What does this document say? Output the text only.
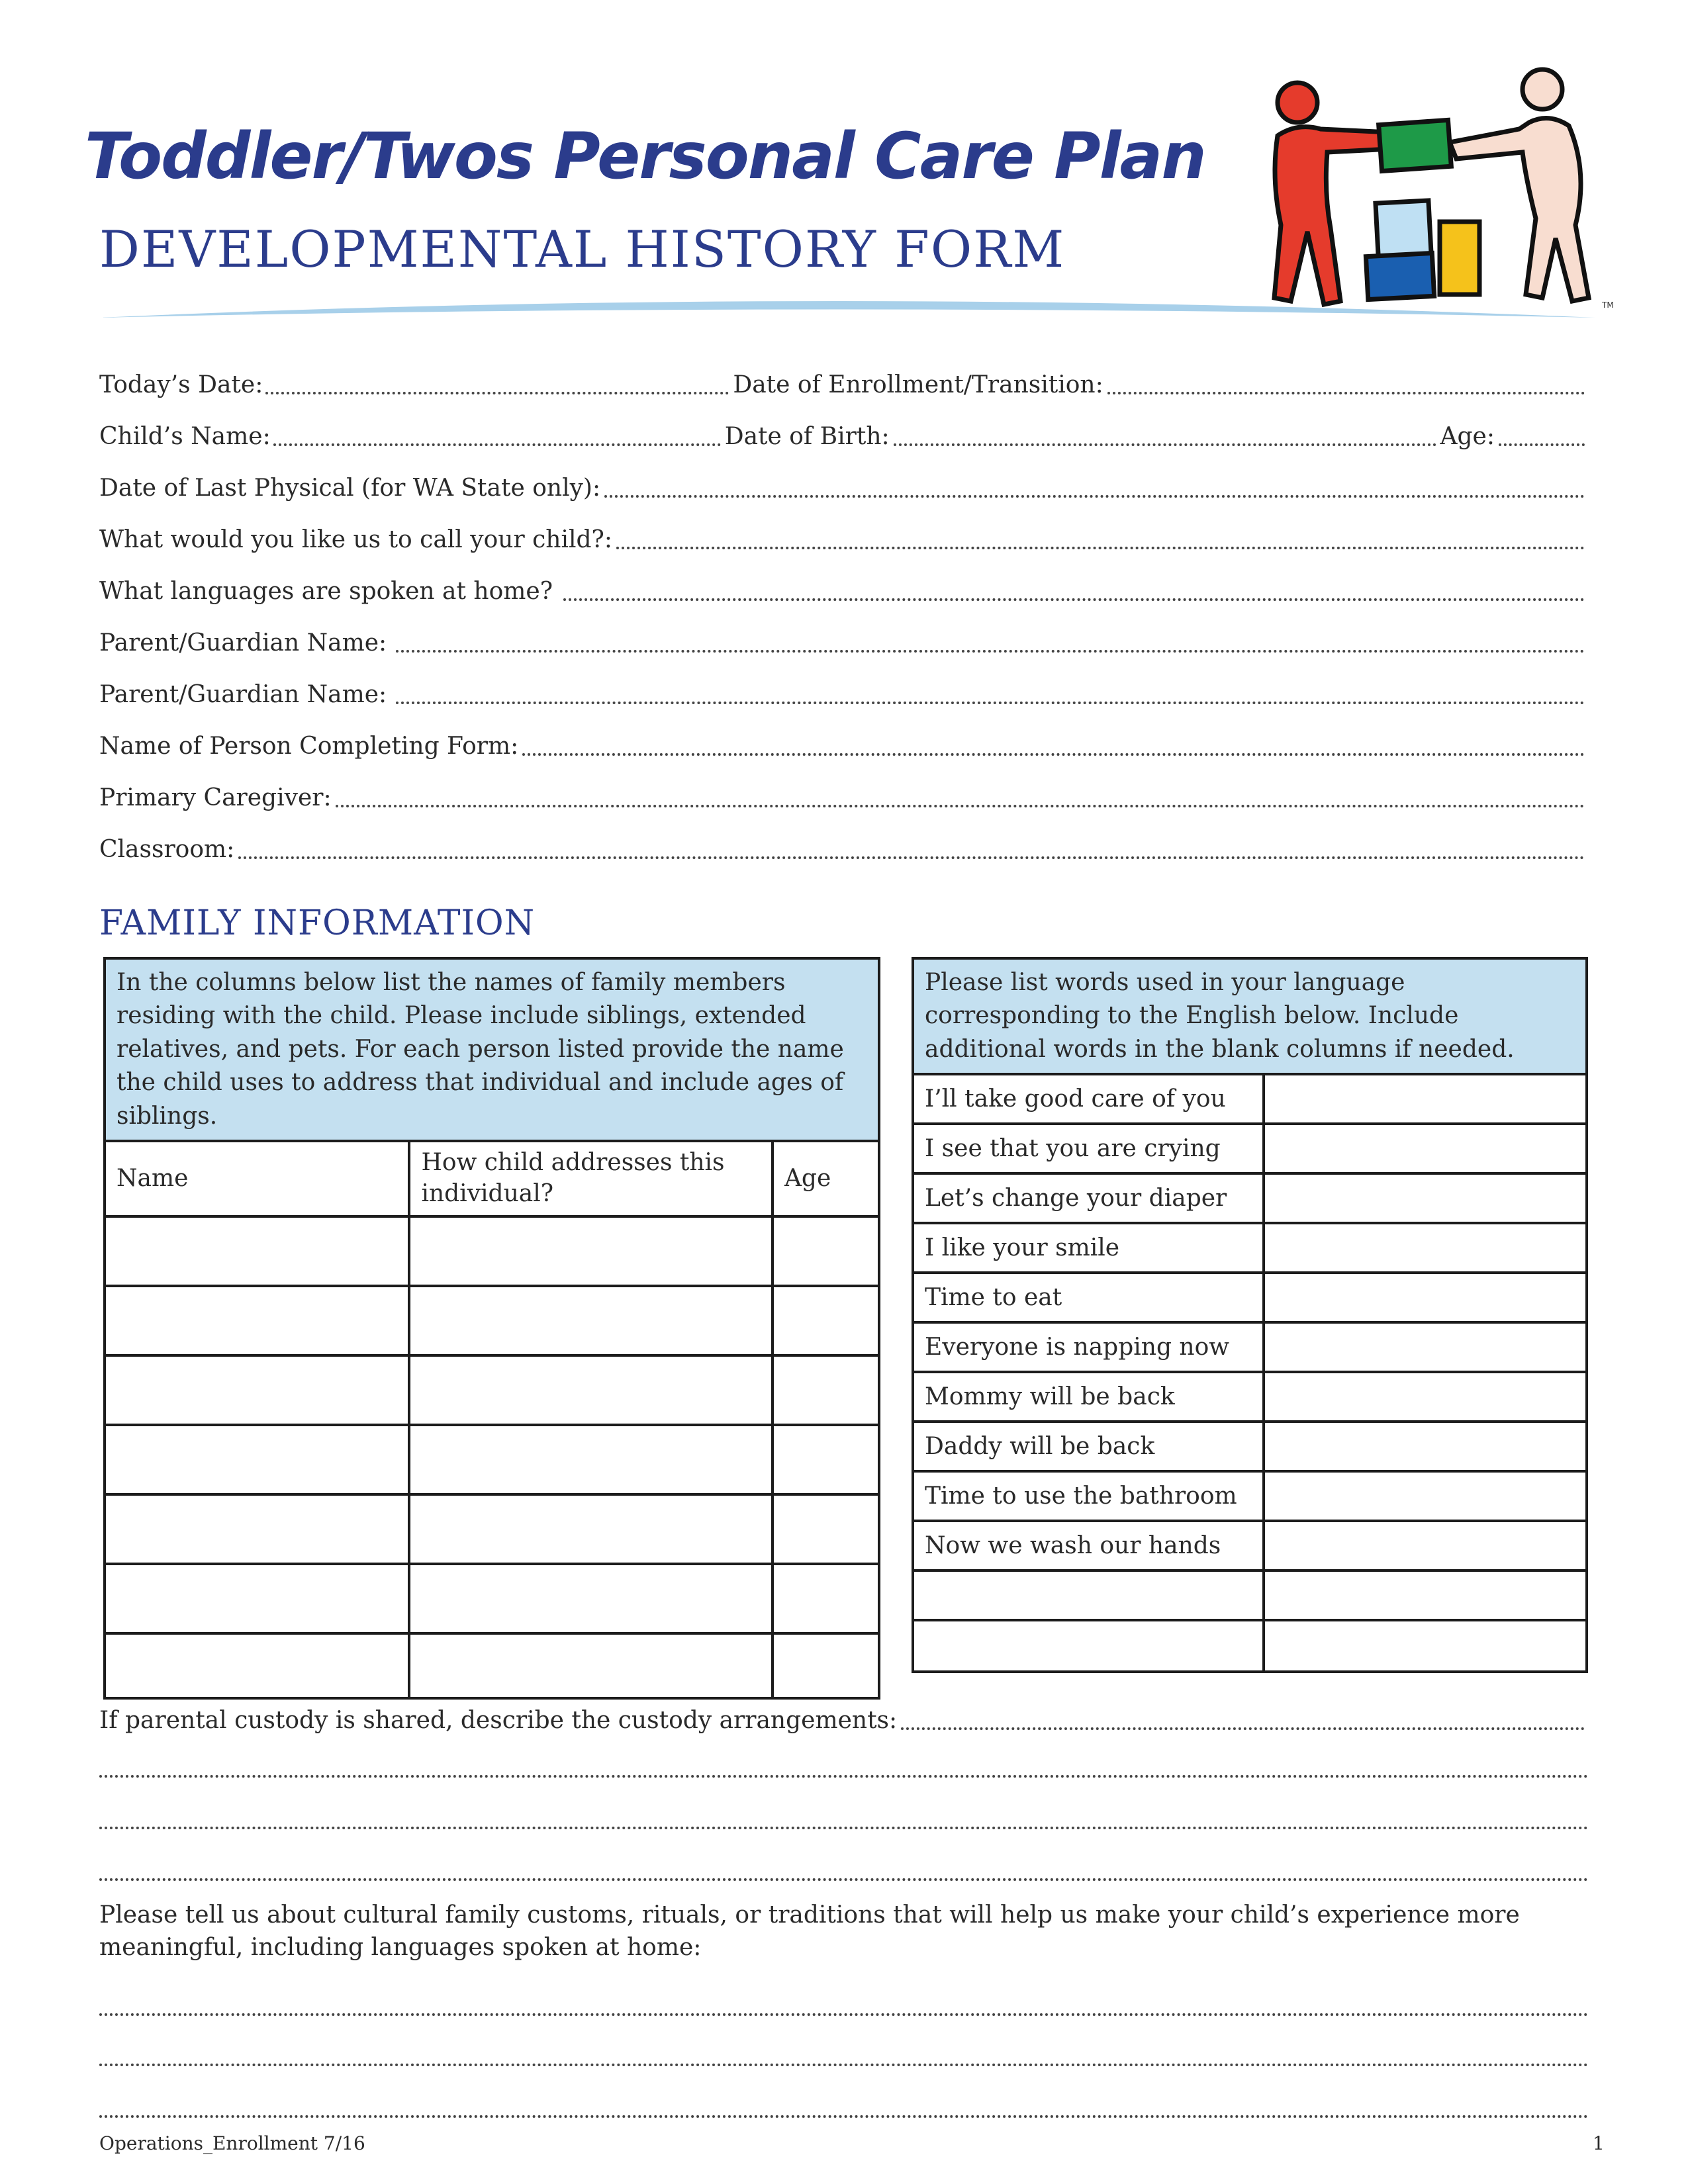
Toddler/Twos Personal Care Plan
DEVELOPMENTAL HISTORY FORM
TM
Today’s Date:	Date of Enrollment/Transition:
Child’s Name:	Date of Birth:	Age:
Date of Last Physical (for WA State only):
What would you like us to call your child?:
What languages are spoken at home?
Parent/Guardian Name:
Parent/Guardian Name:
Name of Person Completing Form:
Primary Caregiver:
Classroom:
FAMILY INFORMATION
In the columns below list the names of family members residing with the child. Please include siblings, extended relatives, and pets. For each person listed provide the name the child uses to address that individual and include ages of siblings.		
Name	How child addresses this individual?	Age

Please list words used in your language corresponding to the English below. Include additional words in the blank columns if needed.	
I’ll take good care of you	
I see that you are crying	
Let’s change your diaper	
I like your smile	
Time to eat	
Everyone is napping now	
Mommy will be back	
Daddy will be back	
Time to use the bathroom	
Now we wash our hands	

If parental custody is shared, describe the custody arrangements:
Please tell us about cultural family customs, rituals, or traditions that will help us make your child’s experience more meaningful, including languages spoken at home:
Operations_Enrollment 7/16	1
